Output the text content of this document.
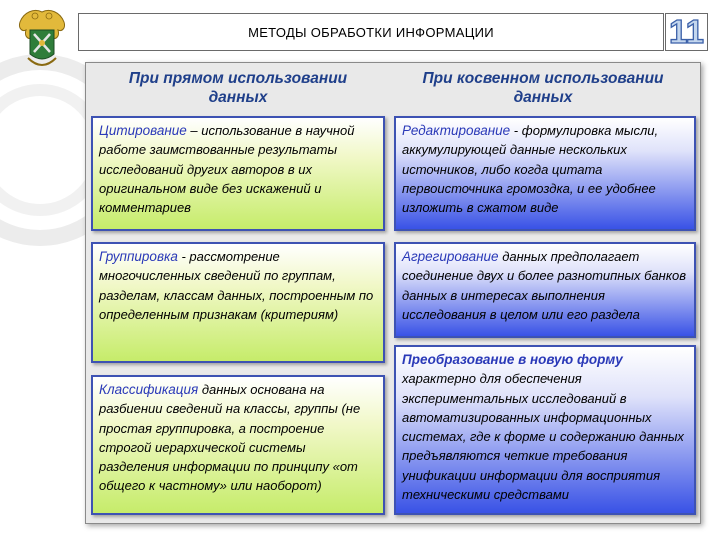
МЕТОДЫ ОБРАБОТКИ ИНФОРМАЦИИ	11
При прямом использовании данных
При косвенном использовании данных
Цитирование – использование в научной работе заимствованные результаты исследований других авторов в их оригинальном виде без искажений и комментариев
Группировка - рассмотрение многочисленных сведений по группам, разделам, классам данных, построенным по определенным признакам (критериям)
Классификация данных основана на разбиении сведений на классы, группы (не простая группировка, а построение строгой иерархической системы разделения информации по принципу «от общего к частному» или наоборот)
Редактирование - формулировка мысли, аккумулирующей данные нескольких источников, либо когда цитата первоисточника громоздка, и ее удобнее изложить в сжатом виде
Агрегирование данных предполагает соединение двух и более разнотипных банков данных в интересах выполнения исследования в целом или его раздела
Преобразование в новую форму характерно для обеспечения экспериментальных исследований в автоматизированных информационных системах, где к форме и содержанию данных предъявляются четкие требования унификации информации для восприятия техническими средствами
